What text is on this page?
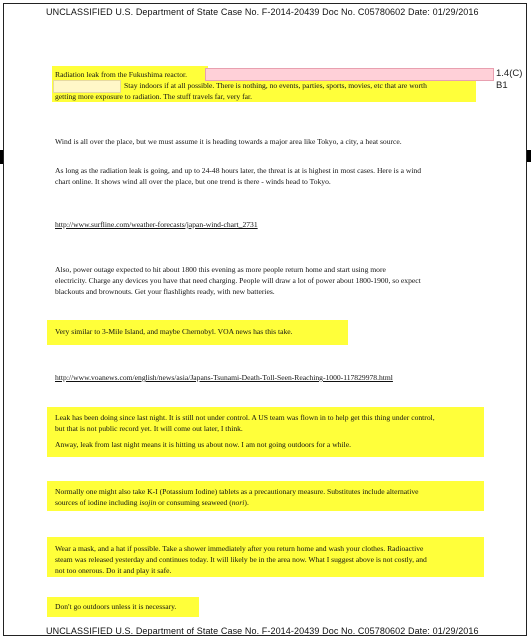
UNCLASSIFIED U.S. Department of State Case No. F-2014-20439 Doc No. C05780602 Date: 01/29/2016
1.4(C)
B1

Radiation leak from the Fukushima reactor.

Stay indoors if at all possible. There is nothing, no events, parties, sports, movies, etc that are worth

getting more exposure to radiation. The stuff travels far, very far.

Wind is all over the place, but we must assume it is heading towards a major area like Tokyo, a city, a heat source.

As long as the radiation leak is going, and up to 24-48 hours later, the threat is at is highest in most cases. Here is a wind

chart online. It shows wind all over the place, but one trend is there - winds head to Tokyo.

http://www.surfline.com/weather-forecasts/japan-wind-chart_2731

Also, power outage expected to hit about 1800 this evening as more people return home and start using more

electricity. Charge any devices you have that need charging. People will draw a lot of power about 1800-1900, so expect

blackouts and brownouts. Get your flashlights ready, with new batteries.

Very similar to 3-Mile Island, and maybe Chernobyl. VOA news has this take.

http://www.voanews.com/english/news/asia/Japans-Tsunami-Death-Toll-Seen-Reaching-1000-117829978.html

Leak has been doing since last night. It is still not under control. A US team was flown in to help get this thing under control,

but that is not public record yet. It will come out later, I think.

Anway, leak from last night means it is hitting us about now. I am not going outdoors for a while.

Normally one might also take K-I (Potassium Iodine) tablets as a precautionary measure. Substitutes include alternative

sources of iodine including isojin or consuming seaweed (nori).

Wear a mask, and a hat if possible. Take a shower immediately after you return home and wash your clothes. Radioactive

steam was released yesterday and continues today. It will likely be in the area now. What I suggest above is not costly, and

not too onerous. Do it and play it safe.

Don't go outdoors unless it is necessary.

UNCLASSIFIED U.S. Department of State Case No. F-2014-20439 Doc No. C05780602 Date: 01/29/2016
